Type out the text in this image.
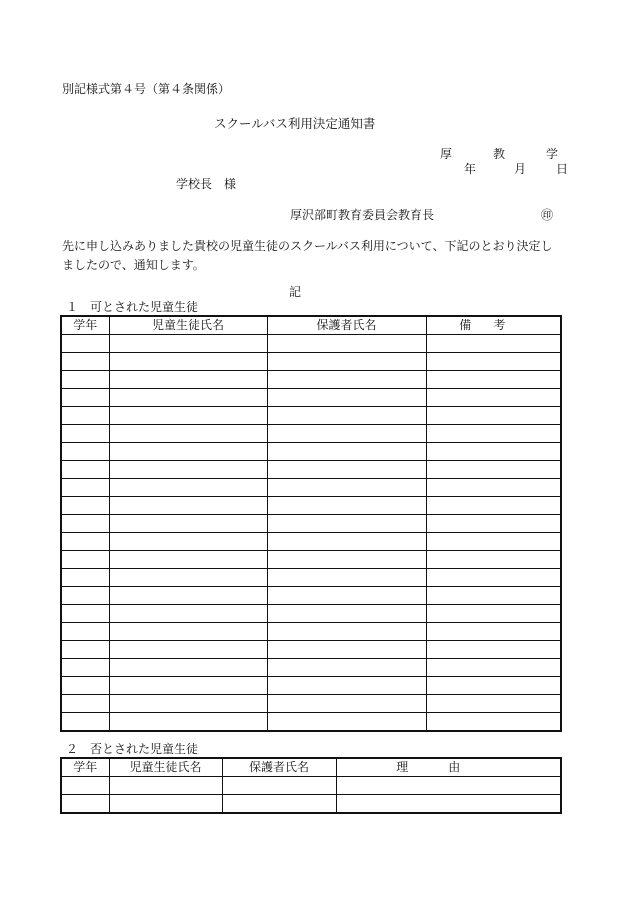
別記様式第４号（第４条関係）
スクールバス利用決定通知書
厚	教	学
年	月 日
学校長　様
厚沢部町教育委員会教育長	㊞
先に申し込みありました貴校の児童生徒のスクールバス利用について、下記のとおり決定しましたので、通知します。
記
１　可とされた児童生徒
学年	児童生徒氏名	保護者氏名	備考

２　否とされた児童生徒
学年	児童生徒氏名	保護者氏名	理由
